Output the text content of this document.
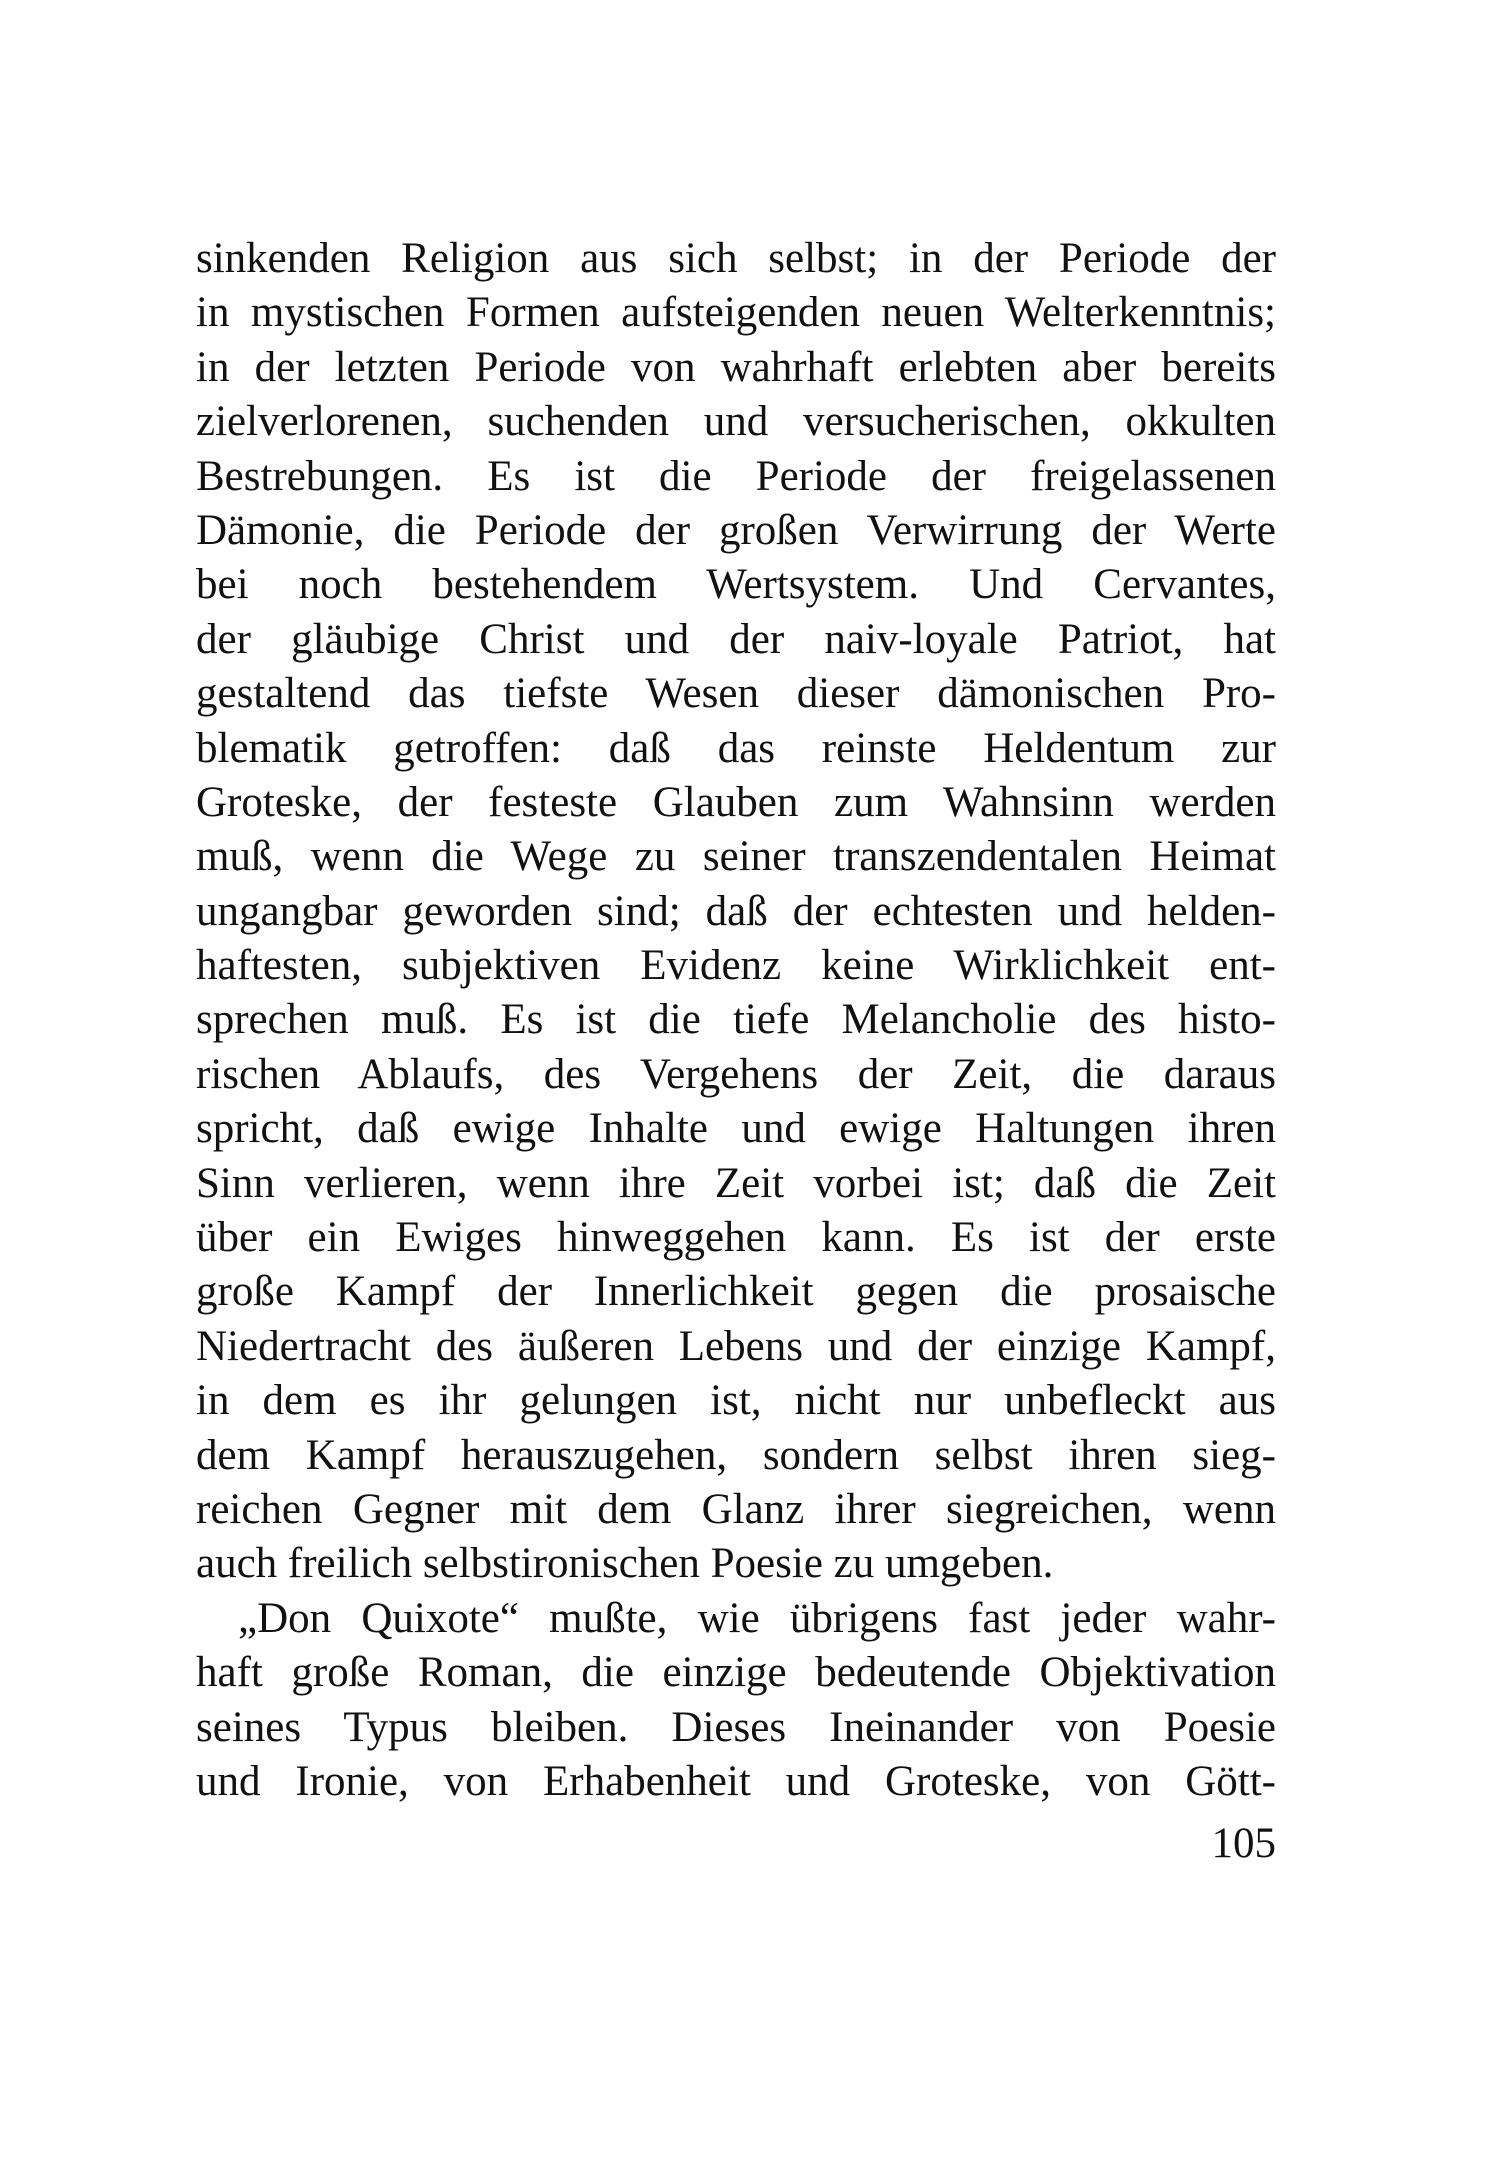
sinkenden Religion aus sich selbst; in der Periode der
in mystischen Formen aufsteigenden neuen Welterkenntnis;
in der letzten Periode von wahrhaft erlebten aber bereits
zielverlorenen, suchenden und versucherischen, okkulten
Bestrebungen. Es ist die Periode der freigelassenen
Dämonie, die Periode der großen Verwirrung der Werte
bei noch bestehendem Wertsystem. Und Cervantes,
der gläubige Christ und der naiv-loyale Patriot, hat
gestaltend das tiefste Wesen dieser dämonischen Pro-
blematik getroffen: daß das reinste Heldentum zur
Groteske, der festeste Glauben zum Wahnsinn werden
muß, wenn die Wege zu seiner transzendentalen Heimat
ungangbar geworden sind; daß der echtesten und helden-
haftesten, subjektiven Evidenz keine Wirklichkeit ent-
sprechen muß. Es ist die tiefe Melancholie des histo-
rischen Ablaufs, des Vergehens der Zeit, die daraus
spricht, daß ewige Inhalte und ewige Haltungen ihren
Sinn verlieren, wenn ihre Zeit vorbei ist; daß die Zeit
über ein Ewiges hinweggehen kann. Es ist der erste
große Kampf der Innerlichkeit gegen die prosaische
Niedertracht des äußeren Lebens und der einzige Kampf,
in dem es ihr gelungen ist, nicht nur unbefleckt aus
dem Kampf herauszugehen, sondern selbst ihren sieg-
reichen Gegner mit dem Glanz ihrer siegreichen, wenn
auch freilich selbstironischen Poesie zu umgeben.
„Don Quixote“ mußte, wie übrigens fast jeder wahr-
haft große Roman, die einzige bedeutende Objektivation
seines Typus bleiben. Dieses Ineinander von Poesie
und Ironie, von Erhabenheit und Groteske, von Gött-
105
